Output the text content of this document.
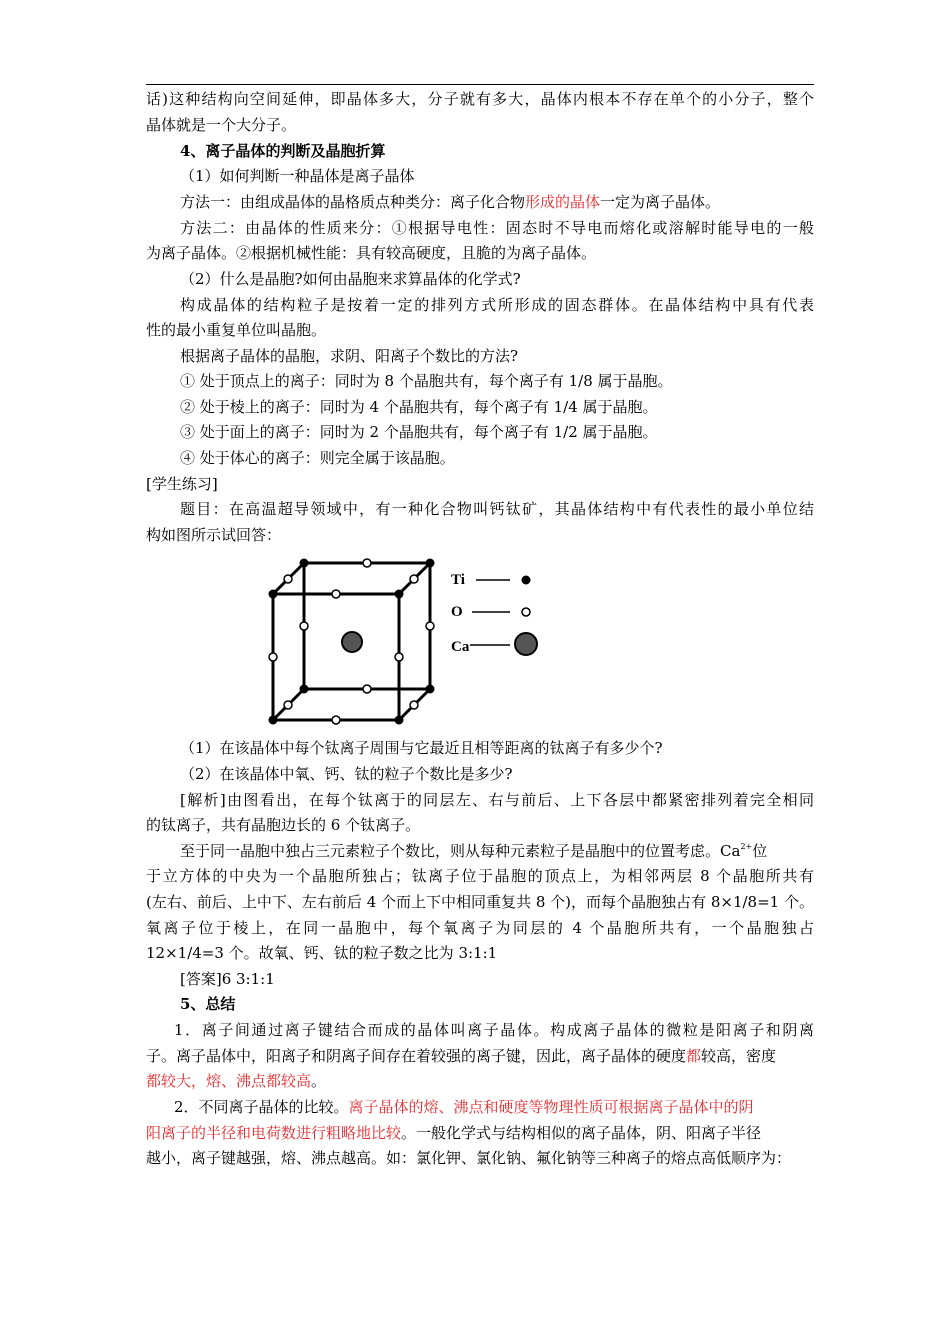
话)这种结构向空间延伸，即晶体多大，分子就有多大，晶体内根本不存在单个的小分子，整个
晶体就是一个大分子。
4、离子晶体的判断及晶胞折算
（1）如何判断一种晶体是离子晶体
方法一：由组成晶体的晶格质点种类分：离子化合物形成的晶体一定为离子晶体。
方法二：由晶体的性质来分：①根据导电性：固态时不导电而熔化或溶解时能导电的一般
为离子晶体。②根据机械性能：具有较高硬度，且脆的为离子晶体。
（2）什么是晶胞?如何由晶胞来求算晶体的化学式?
构成晶体的结构粒子是按着一定的排列方式所形成的固态群体。在晶体结构中具有代表
性的最小重复单位叫晶胞。
根据离子晶体的晶胞，求阴、阳离子个数比的方法?
① 处于顶点上的离子：同时为 8 个晶胞共有，每个离子有 1/8 属于晶胞。
② 处于棱上的离子：同时为 4 个晶胞共有，每个离子有 1/4 属于晶胞。
③ 处于面上的离子：同时为 2 个晶胞共有，每个离子有 1/2 属于晶胞。
④ 处于体心的离子：则完全属于该晶胞。
[学生练习]
题目：在高温超导领域中，有一种化合物叫钙钛矿，其晶体结构中有代表性的最小单位结
构如图所示试回答：
Ti
O
Ca
（1）在该晶体中每个钛离子周围与它最近且相等距离的钛离子有多少个?
（2）在该晶体中氧、钙、钛的粒子个数比是多少?
[解析]由图看出，在每个钛离于的同层左、右与前后、上下各层中都紧密排列着完全相同
的钛离子，共有晶胞边长的 6 个钛离子。
至于同一晶胞中独占三元素粒子个数比，则从每种元素粒子是晶胞中的位置考虑。$Ca^{2+}$位
于立方体的中央为一个晶胞所独占；钛离子位于晶胞的顶点上，为相邻两层 8 个晶胞所共有
(左右、前后、上中下、左右前后 4 个而上下中相同重复共 8 个)，而每个晶胞独占有 8×1/8=1 个。
氧离子位于棱上，在同一晶胞中，每个氧离子为同层的 4 个晶胞所共有，一个晶胞独占
12×1/4=3 个。故氧、钙、钛的粒子数之比为 3:1:1
[答案]6 3:1:1
5、总结
1．离子间通过离子键结合而成的晶体叫离子晶体。构成离子晶体的微粒是阳离子和阴离
子。离子晶体中，阳离子和阴离子间存在着较强的离子键，因此，离子晶体的硬度都较高，密度
都较大，熔、沸点都较高。
2．不同离子晶体的比较。离子晶体的熔、沸点和硬度等物理性质可根据离子晶体中的阴
阳离子的半径和电荷数进行粗略地比较。一般化学式与结构相似的离子晶体，阴、阳离子半径
越小，离子键越强，熔、沸点越高。如：氯化钾、氯化钠、氟化钠等三种离子的熔点高低顺序为：
